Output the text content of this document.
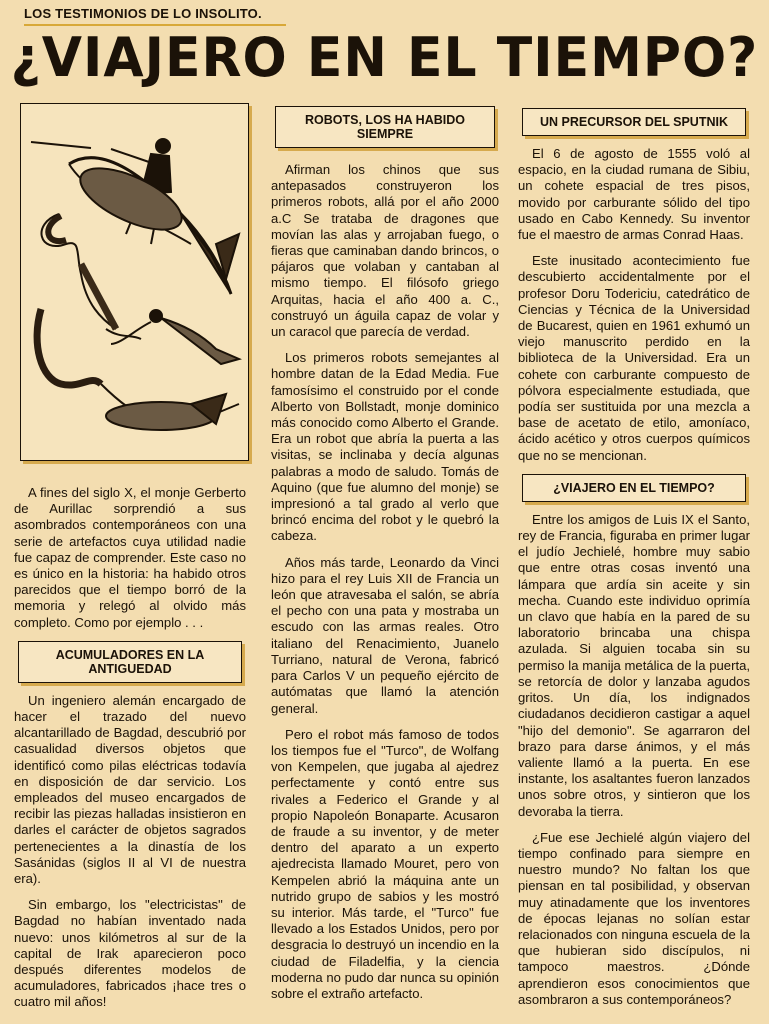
LOS TESTIMONIOS DE LO INSOLITO.
¿VIAJERO EN EL TIEMPO?

A fines del siglo X, el monje Gerberto de Aurillac sorprendió a sus asombrados contemporáneos con una serie de artefactos cuya utilidad nadie fue capaz de comprender. Este caso no es único en la historia: ha habido otros parecidos que el tiempo borró de la memoria y relegó al olvido más completo. Como por ejemplo . . .

ACUMULADORES EN LA ANTIGUEDAD

Un ingeniero alemán encargado de hacer el trazado del nuevo alcantarillado de Bagdad, descubrió por casualidad diversos objetos que identificó como pilas eléctricas todavía en disposición de dar servicio. Los empleados del museo encargados de recibir las piezas halladas insistieron en darles el carácter de objetos sagrados pertenecientes a la dinastía de los Sasánidas (siglos II al VI de nuestra era).

Sin embargo, los "electricistas" de Bagdad no habían inventado nada nuevo: unos kilómetros al sur de la capital de Irak aparecieron poco después diferentes modelos de acumuladores, fabricados ¡hace tres o cuatro mil años!

ROBOTS, LOS HA HABIDO SIEMPRE

Afirman los chinos que sus antepasados construyeron los primeros robots, allá por el año 2000 a.C Se trataba de dragones que movían las alas y arrojaban fuego, o fieras que caminaban dando brincos, o pájaros que volaban y cantaban al mismo tiempo. El filósofo griego Arquitas, hacia el año 400 a. C., construyó un águila capaz de volar y un caracol que parecía de verdad.

Los primeros robots semejantes al hombre datan de la Edad Media. Fue famosísimo el construido por el conde Alberto von Bollstadt, monje dominico más conocido como Alberto el Grande. Era un robot que abría la puerta a las visitas, se inclinaba y decía algunas palabras a modo de saludo. Tomás de Aquino (que fue alumno del monje) se impresionó a tal grado al verlo que brincó encima del robot y le quebró la cabeza.

Años más tarde, Leonardo da Vinci hizo para el rey Luis XII de Francia un león que atravesaba el salón, se abría el pecho con una pata y mostraba un escudo con las armas reales. Otro italiano del Renacimiento, Juanelo Turriano, natural de Verona, fabricó para Carlos V un pequeño ejército de autómatas que llamó la atención general.

Pero el robot más famoso de todos los tiempos fue el "Turco", de Wolfang von Kempelen, que jugaba al ajedrez perfectamente y contó entre sus rivales a Federico el Grande y al propio Napoleón Bonaparte. Acusaron de fraude a su inventor, y de meter dentro del aparato a un experto ajedrecista llamado Mouret, pero von Kempelen abrió la máquina ante un nutrido grupo de sabios y les mostró su interior. Más tarde, el "Turco" fue llevado a los Estados Unidos, pero por desgracia lo destruyó un incendio en la ciudad de Filadelfia, y la ciencia moderna no pudo dar nunca su opinión sobre el extraño artefacto.

UN PRECURSOR DEL SPUTNIK

El 6 de agosto de 1555 voló al espacio, en la ciudad rumana de Sibiu, un cohete espacial de tres pisos, movido por carburante sólido del tipo usado en Cabo Kennedy. Su inventor fue el maestro de armas Conrad Haas.

Este inusitado acontecimiento fue descubierto accidentalmente por el profesor Doru Todericiu, catedrático de Ciencias y Técnica de la Universidad de Bucarest, quien en 1961 exhumó un viejo manuscrito perdido en la biblioteca de la Universidad. Era un cohete con carburante compuesto de pólvora especialmente estudiada, que podía ser sustituida por una mezcla a base de acetato de etilo, amoníaco, ácido acético y otros cuerpos químicos que no se mencionan.

¿VIAJERO EN EL TIEMPO?

Entre los amigos de Luis IX el Santo, rey de Francia, figuraba en primer lugar el judío Jechielé, hombre muy sabio que entre otras cosas inventó una lámpara que ardía sin aceite y sin mecha. Cuando este individuo oprimía un clavo que había en la pared de su laboratorio brincaba una chispa azulada. Si alguien tocaba sin su permiso la manija metálica de la puerta, se retorcía de dolor y lanzaba agudos gritos. Un día, los indignados ciudadanos decidieron castigar a aquel "hijo del demonio". Se agarraron del brazo para darse ánimos, y el más valiente llamó a la puerta. En ese instante, los asaltantes fueron lanzados unos sobre otros, y sintieron que los devoraba la tierra.

¿Fue ese Jechielé algún viajero del tiempo confinado para siempre en nuestro mundo? No faltan los que piensan en tal posibilidad, y observan muy atinadamente que los inventores de épocas lejanas no solían estar relacionados con ninguna escuela de la que hubieran sido discípulos, ni tampoco maestros. ¿Dónde aprendieron esos conocimientos que asombraron a sus contemporáneos?
